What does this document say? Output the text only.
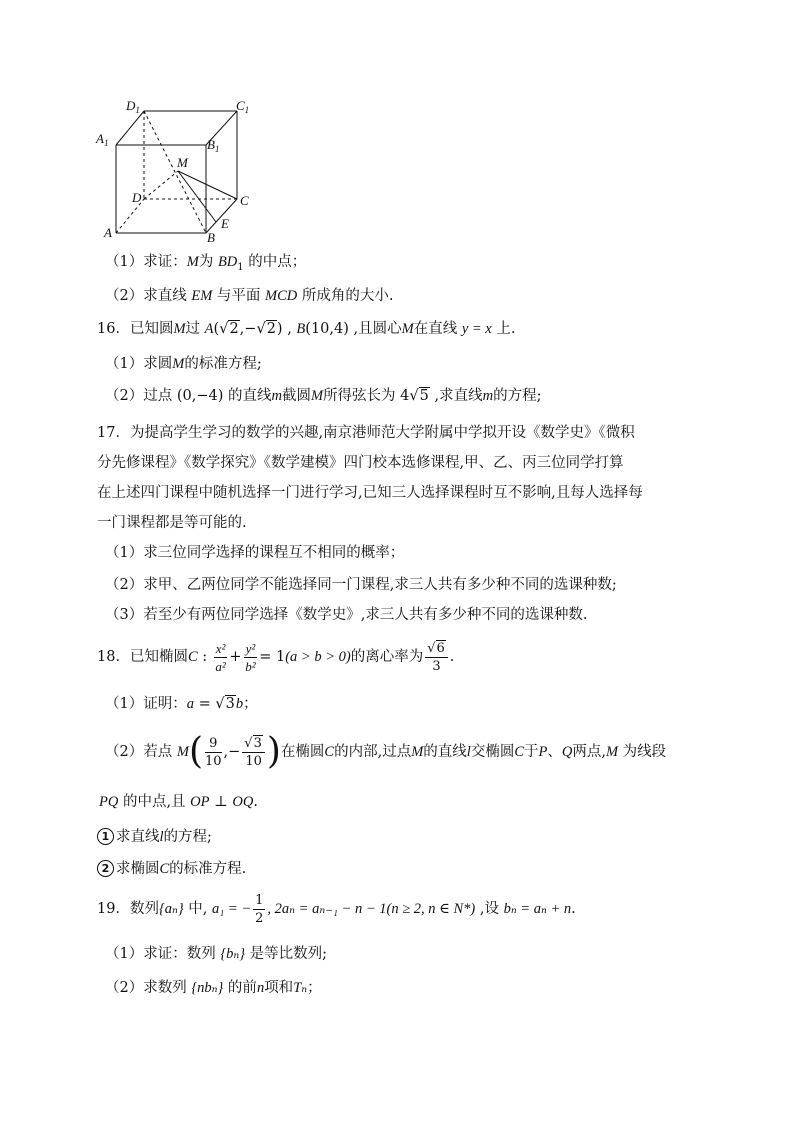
$D_1$	$C_1$
$A_1$	$B_1$
M
D	C
E
A	B
（1）求证：M为 $BD_1$ 的中点；
（2）求直线 EM 与平面 MCD 所成角的大小.
16．已知圆M过 A(√2,−√2) , B(10,4) ,且圆心M在直线 y = x 上.
（1）求圆M的标准方程;
（2）过点 (0,−4) 的直线m截圆M所得弦长为 4√5 ,求直线m的方程;
17．为提高学生学习的数学的兴趣,南京港师范大学附属中学拟开设《数学史》《微积
分先修课程》《数学探究》《数学建模》四门校本选修课程,甲、乙、丙三位同学打算
在上述四门课程中随机选择一门进行学习,已知三人选择课程时互不影响,且每人选择每
一门课程都是等可能的.
（1）求三位同学选择的课程互不相同的概率；
（2）求甲、乙两位同学不能选择同一门课程,求三人共有多少种不同的选课种数;
（3）若至少有两位同学选择《数学史》,求三人共有多少种不同的选课种数.
18．已知椭圆C : $\frac{\text{x²}}{\text{a²}} + \frac{\text{y²}}{\text{b²}} = 1(a > b > 0)$的离心率为 $\frac{√6}{3}$ .
（1）证明：a = √3b；
（2）若点 $M( \frac{9}{10}$ ,− $\frac{√3}{10}$ )在椭圆C的内部,过点M的直线l交椭圆C于P、Q两点,M 为线段
PQ 的中点,且 OP ⊥ OQ.
1 求直线l的方程;
2 求椭圆C的标准方程.
19．数列{aₙ} 中, a₁ = − $\frac{1}{2}$ , 2aₙ = aₙ₋₁ − n − 1(n ≥ 2, n ∈ N*) ,设 bₙ = aₙ + n.
（1）求证：数列 {bₙ} 是等比数列;
（2）求数列 {nbₙ} 的前n项和Tₙ；
